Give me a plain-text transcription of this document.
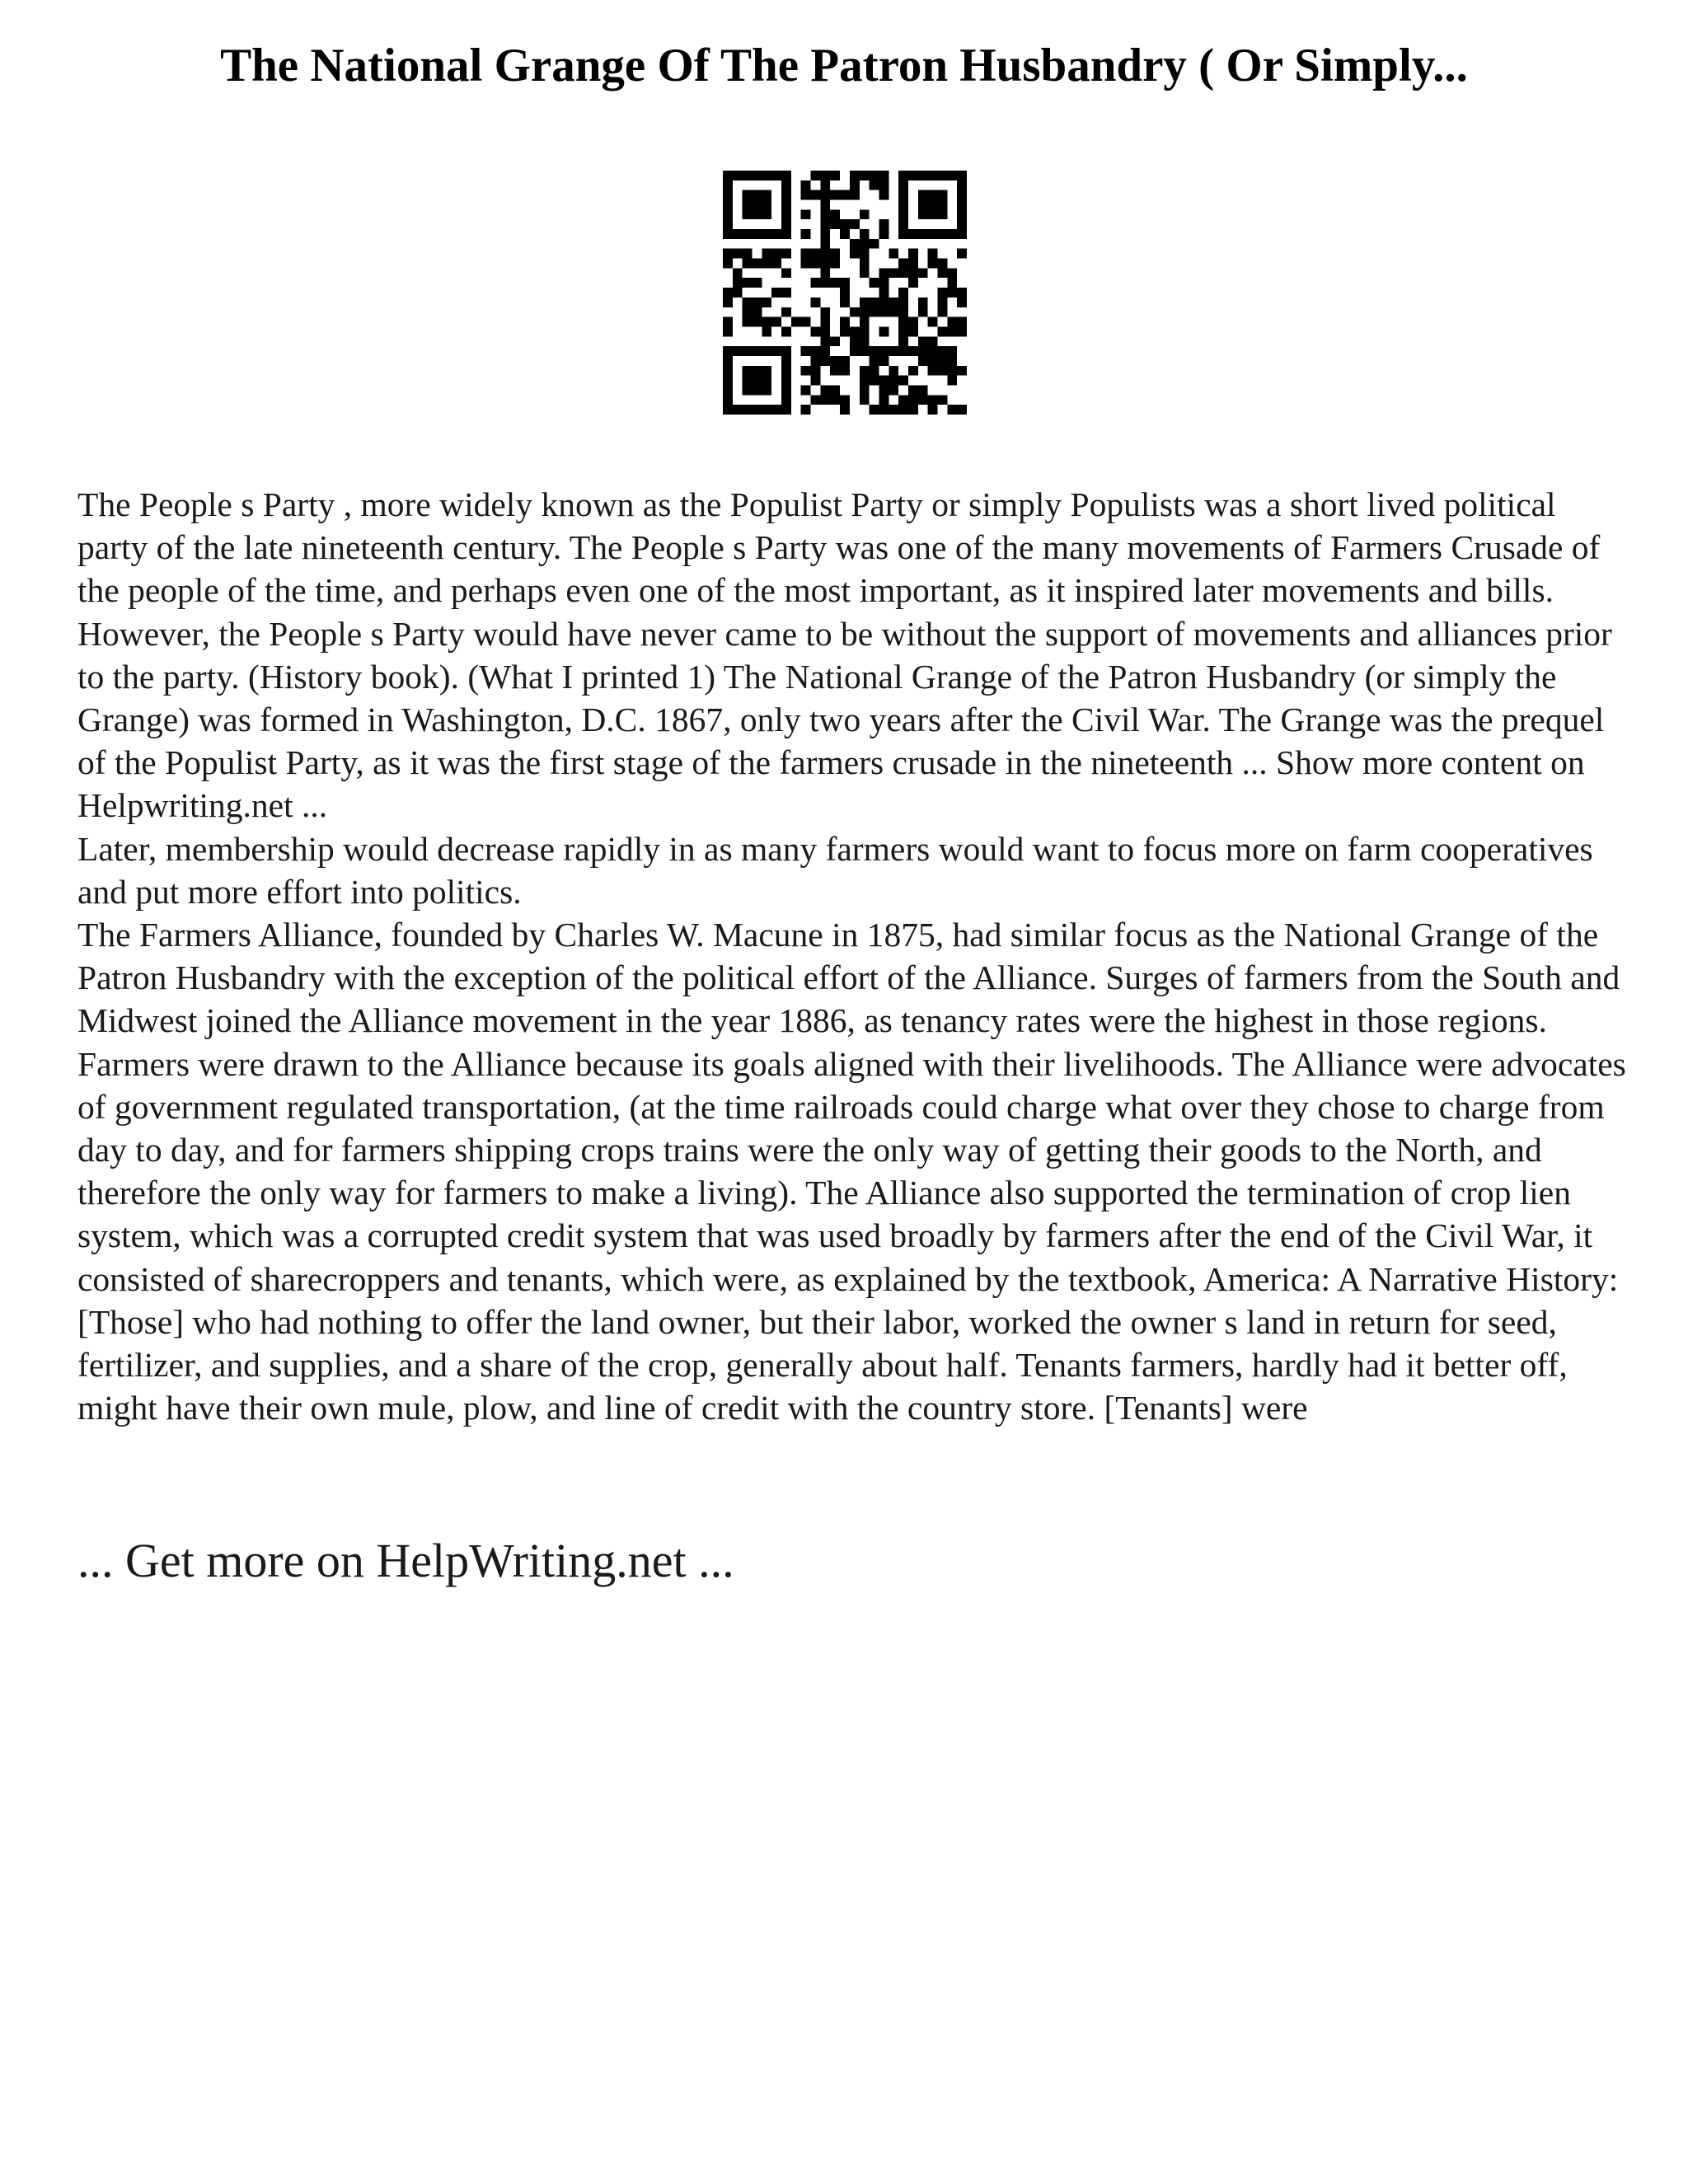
The National Grange Of The Patron Husbandry ( Or Simply...

The People s Party , more widely known as the Populist Party or simply Populists was a short lived political party of the late nineteenth century. The People s Party was one of the many movements of Farmers Crusade of the people of the time, and perhaps even one of the most important, as it inspired later movements and bills. However, the People s Party would have never came to be without the support of movements and alliances prior to the party. (History book). (What I printed 1) The National Grange of the Patron Husbandry (or simply the Grange) was formed in Washington, D.C. 1867, only two years after the Civil War. The Grange was the prequel of the Populist Party, as it was the first stage of the farmers crusade in the nineteenth ... Show more content on Helpwriting.net ...

Later, membership would decrease rapidly in as many farmers would want to focus more on farm cooperatives and put more effort into politics.

The Farmers Alliance, founded by Charles W. Macune in 1875, had similar focus as the National Grange of the Patron Husbandry with the exception of the political effort of the Alliance. Surges of farmers from the South and Midwest joined the Alliance movement in the year 1886, as tenancy rates were the highest in those regions. Farmers were drawn to the Alliance because its goals aligned with their livelihoods. The Alliance were advocates of government regulated transportation, (at the time railroads could charge what over they chose to charge from day to day, and for farmers shipping crops trains were the only way of getting their goods to the North, and therefore the only way for farmers to make a living). The Alliance also supported the termination of crop lien system, which was a corrupted credit system that was used broadly by farmers after the end of the Civil War, it consisted of sharecroppers and tenants, which were, as explained by the textbook, America: A Narrative History: [Those] who had nothing to offer the land owner, but their labor, worked the owner s land in return for seed, fertilizer, and supplies, and a share of the crop, generally about half. Tenants farmers, hardly had it better off, might have their own mule, plow, and line of credit with the country store. [Tenants] were

... Get more on HelpWriting.net ...
